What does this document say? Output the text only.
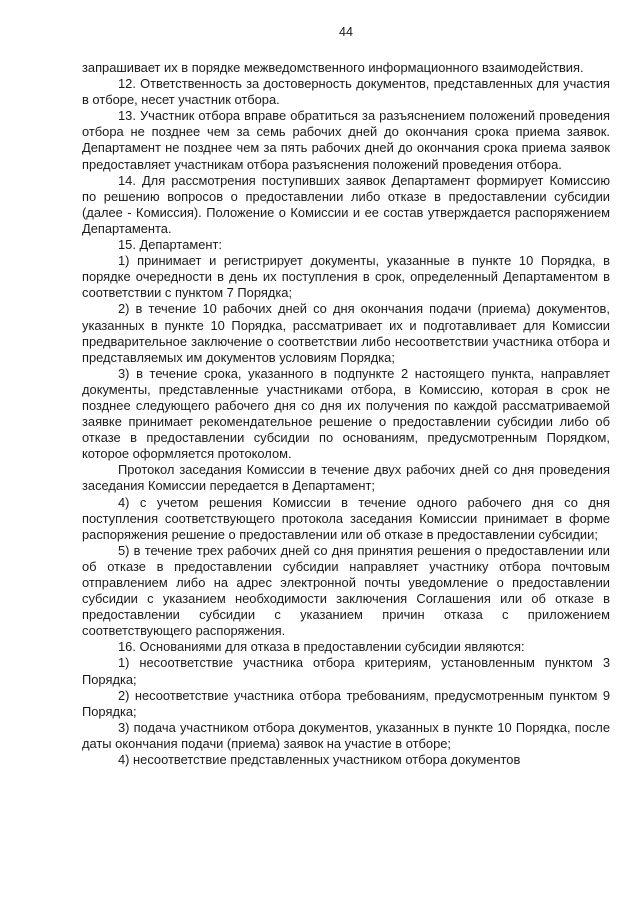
44

запрашивает их в порядке межведомственного информационного взаимодействия.

12. Ответственность за достоверность документов, представленных для участия в отборе, несет участник отбора.

13. Участник отбора вправе обратиться за разъяснением положений проведения отбора не позднее чем за семь рабочих дней до окончания срока приема заявок. Департамент не позднее чем за пять рабочих дней до окончания срока приема заявок предоставляет участникам отбора разъяснения положений проведения отбора.

14. Для рассмотрения поступивших заявок Департамент формирует Комиссию по решению вопросов о предоставлении либо отказе в предоставлении субсидии (далее - Комиссия). Положение о Комиссии и ее состав утверждается распоряжением Департамента.

15. Департамент:

1) принимает и регистрирует документы, указанные в пункте 10 Порядка, в порядке очередности в день их поступления в срок, определенный Департаментом в соответствии с пунктом 7 Порядка;

2) в течение 10 рабочих дней со дня окончания подачи (приема) документов, указанных в пункте 10 Порядка, рассматривает их и подготавливает для Комиссии предварительное заключение о соответствии либо несоответствии участника отбора и представляемых им документов условиям Порядка;

3) в течение срока, указанного в подпункте 2 настоящего пункта, направляет документы, представленные участниками отбора, в Комиссию, которая в срок не позднее следующего рабочего дня со дня их получения по каждой рассматриваемой заявке принимает рекомендательное решение о предоставлении субсидии либо об отказе в предоставлении субсидии по основаниям, предусмотренным Порядком, которое оформляется протоколом.

Протокол заседания Комиссии в течение двух рабочих дней со дня проведения заседания Комиссии передается в Департамент;

4) с учетом решения Комиссии в течение одного рабочего дня со дня поступления соответствующего протокола заседания Комиссии принимает в форме распоряжения решение о предоставлении или об отказе в предоставлении субсидии;

5) в течение трех рабочих дней со дня принятия решения о предоставлении или об отказе в предоставлении субсидии направляет участнику отбора почтовым отправлением либо на адрес электронной почты уведомление о предоставлении субсидии с указанием необходимости заключения Соглашения или об отказе в предоставлении субсидии с указанием причин отказа с приложением соответствующего распоряжения.

16. Основаниями для отказа в предоставлении субсидии являются:

1) несоответствие участника отбора критериям, установленным пунктом 3 Порядка;

2) несоответствие участника отбора требованиям, предусмотренным пунктом 9 Порядка;

3) подача участником отбора документов, указанных в пункте 10 Порядка, после даты окончания подачи (приема) заявок на участие в отборе;

4) несоответствие представленных участником отбора документов
